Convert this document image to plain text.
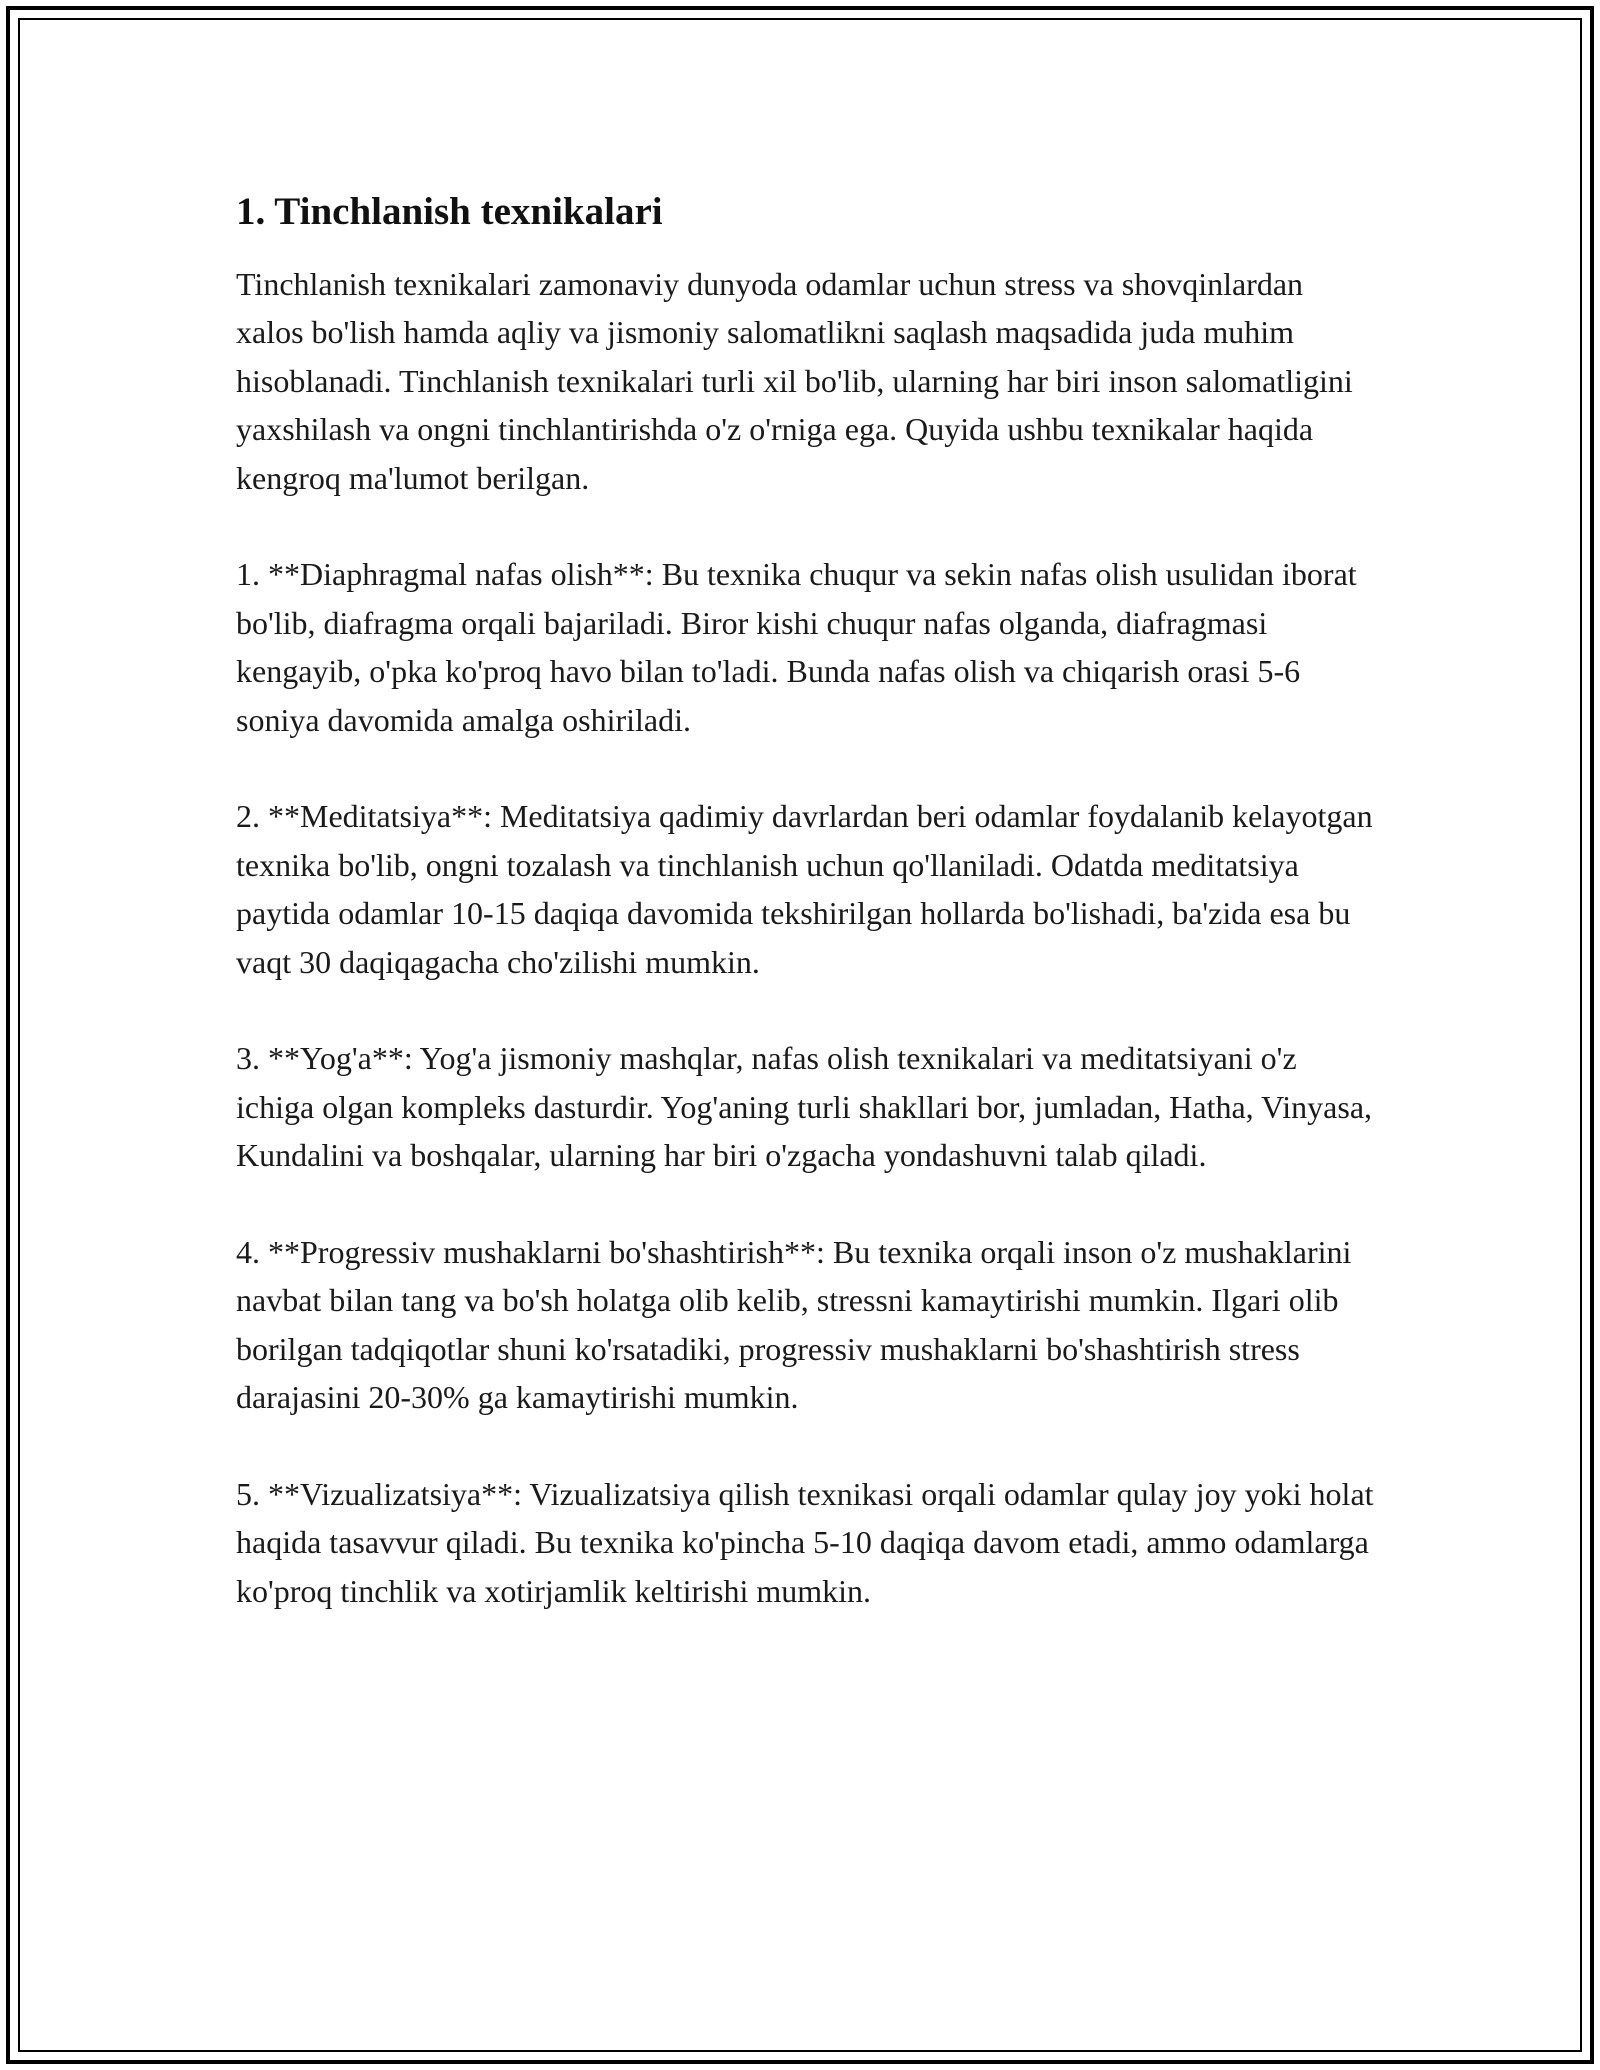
1. Tinchlanish texnikalari

Tinchlanish texnikalari zamonaviy dunyoda odamlar uchun stress va shovqinlardan xalos bo'lish hamda aqliy va jismoniy salomatlikni saqlash maqsadida juda muhim hisoblanadi. Tinchlanish texnikalari turli xil bo'lib, ularning har biri inson salomatligini yaxshilash va ongni tinchlantirishda o'z o'rniga ega. Quyida ushbu texnikalar haqida kengroq ma'lumot berilgan.

1. **Diaphragmal nafas olish**: Bu texnika chuqur va sekin nafas olish usulidan iborat bo'lib, diafragma orqali bajariladi. Biror kishi chuqur nafas olganda, diafragmasi kengayib, o'pka ko'proq havo bilan to'ladi. Bunda nafas olish va chiqarish orasi 5-6 soniya davomida amalga oshiriladi.

2. **Meditatsiya**: Meditatsiya qadimiy davrlardan beri odamlar foydalanib kelayotgan texnika bo'lib, ongni tozalash va tinchlanish uchun qo'llaniladi. Odatda meditatsiya paytida odamlar 10-15 daqiqa davomida tekshirilgan hollarda bo'lishadi, ba'zida esa bu vaqt 30 daqiqagacha cho'zilishi mumkin.

3. **Yog'a**: Yog'a jismoniy mashqlar, nafas olish texnikalari va meditatsiyani o'z ichiga olgan kompleks dasturdir. Yog'aning turli shakllari bor, jumladan, Hatha, Vinyasa, Kundalini va boshqalar, ularning har biri o'zgacha yondashuvni talab qiladi.

4. **Progressiv mushaklarni bo'shashtirish**: Bu texnika orqali inson o'z mushaklarini navbat bilan tang va bo'sh holatga olib kelib, stressni kamaytirishi mumkin. Ilgari olib borilgan tadqiqotlar shuni ko'rsatadiki, progressiv mushaklarni bo'shashtirish stress darajasini 20-30% ga kamaytirishi mumkin.

5. **Vizualizatsiya**: Vizualizatsiya qilish texnikasi orqali odamlar qulay joy yoki holat haqida tasavvur qiladi. Bu texnika ko'pincha 5-10 daqiqa davom etadi, ammo odamlarga ko'proq tinchlik va xotirjamlik keltirishi mumkin.
